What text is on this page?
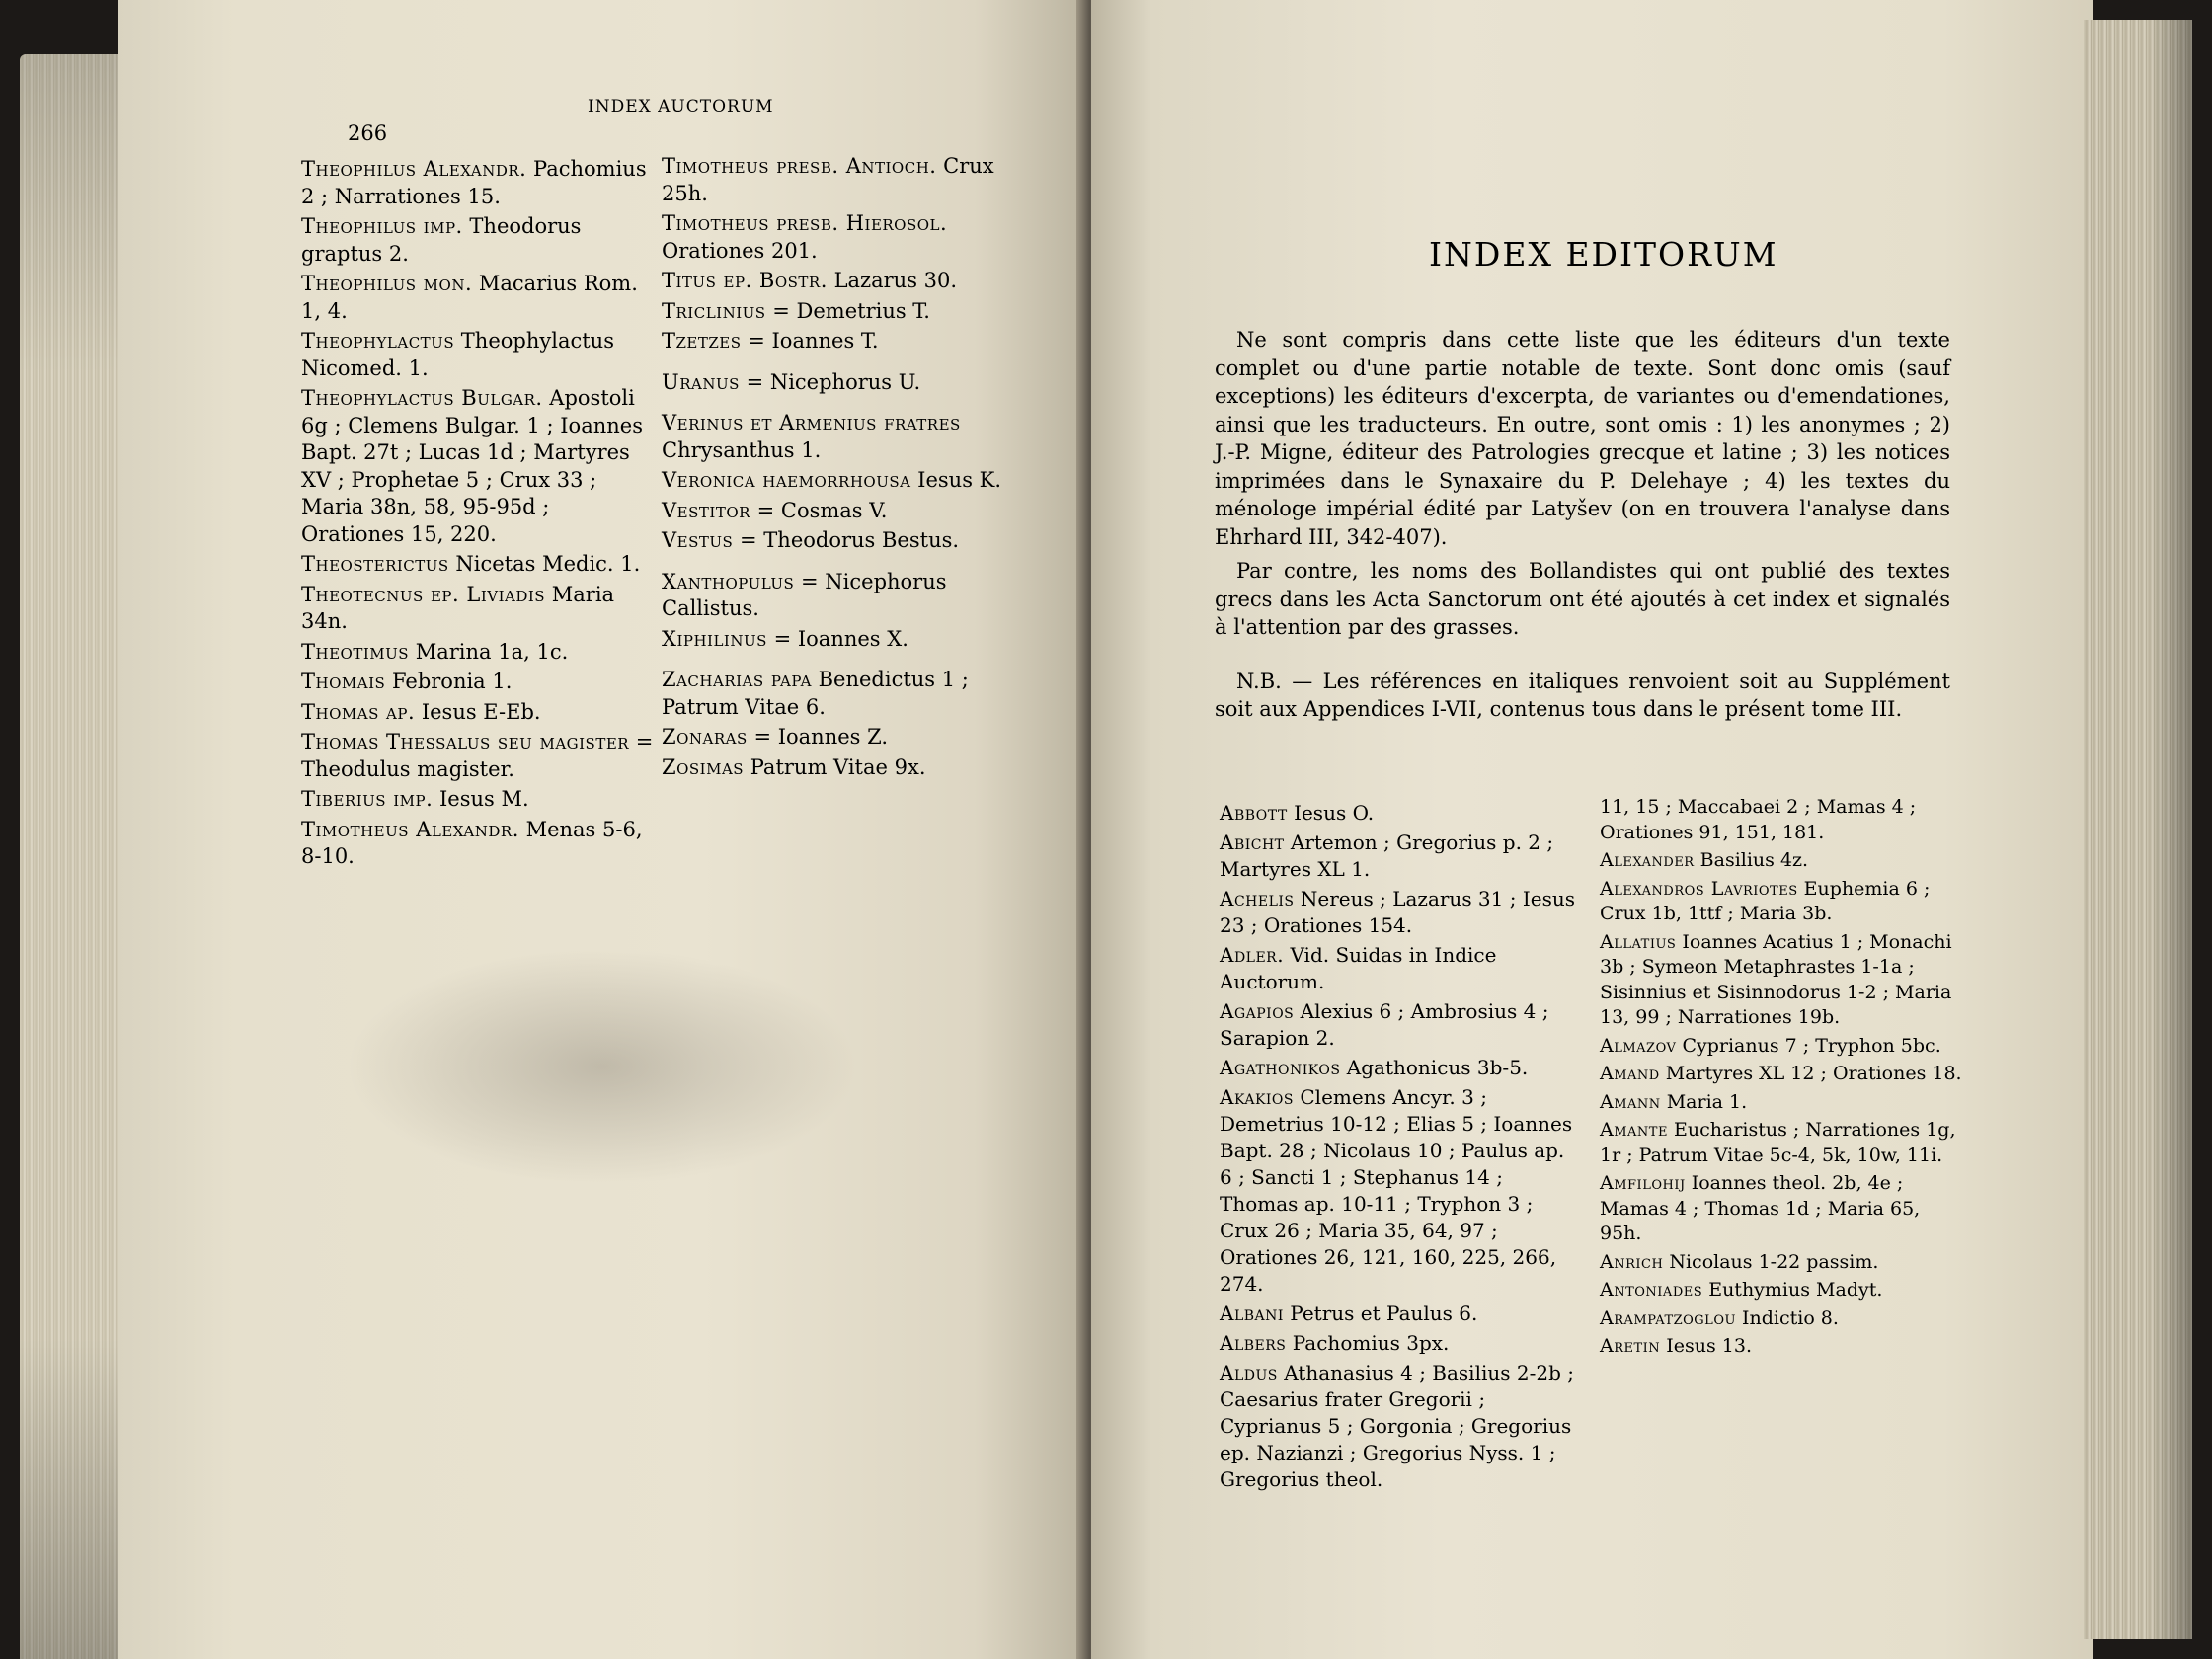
266
INDEX AUCTORUM
Theophilus Alexandr. Pachomius 2 ; Narrationes 15.
Theophilus imp. Theodorus graptus 2.
Theophilus mon. Macarius Rom. 1, 4.
Theophylactus Theophylactus Nicomed. 1.
Theophylactus Bulgar. Apostoli 6g ; Clemens Bulgar. 1 ; Ioannes Bapt. 27t ; Lucas 1d ; Martyres XV ; Prophetae 5 ; Crux 33 ; Maria 38n, 58, 95-95d ; Orationes 15, 220.
Theosterictus Nicetas Medic. 1.
Theotecnus ep. Liviadis Maria 34n.
Theotimus Marina 1a, 1c.
Thomais Febronia 1.
Thomas ap. Iesus E-Eb.
Thomas Thessalus seu magister = Theodulus magister.
Tiberius imp. Iesus M.
Timotheus Alexandr. Menas 5-6, 8-10.
Timotheus presb. Antioch. Crux 25h.
Timotheus presb. Hierosol. Orationes 201.
Titus ep. Bostr. Lazarus 30.
Triclinius = Demetrius T.
Tzetzes = Ioannes T.
Uranus = Nicephorus U.
Verinus et Armenius fratres Chrysanthus 1.
Veronica haemorrhousa Iesus K.
Vestitor = Cosmas V.
Vestus = Theodorus Bestus.
Xanthopulus = Nicephorus Callistus.
Xiphilinus = Ioannes X.
Zacharias papa Benedictus 1 ; Patrum Vitae 6.
Zonaras = Ioannes Z.
Zosimas Patrum Vitae 9x.
INDEX EDITORUM

Ne sont compris dans cette liste que les éditeurs d'un texte complet ou d'une partie notable de texte. Sont donc omis (sauf exceptions) les éditeurs d'excerpta, de variantes ou d'emendationes, ainsi que les traducteurs. En outre, sont omis : 1) les anonymes ; 2) J.-P. Migne, éditeur des Patrologies grecque et latine ; 3) les notices imprimées dans le Synaxaire du P. Delehaye ; 4) les textes du ménologe impérial édité par Latyšev (on en trouvera l'analyse dans Ehrhard III, 342-407).

Par contre, les noms des Bollandistes qui ont publié des textes grecs dans les Acta Sanctorum ont été ajoutés à cet index et signalés à l'attention par des grasses.

N.B. — Les références en italiques renvoient soit au Supplément soit aux Appendices I-VII, contenus tous dans le présent tome III.

Abbott Iesus O.
Abicht Artemon ; Gregorius p. 2 ; Martyres XL 1.
Achelis Nereus ; Lazarus 31 ; Iesus 23 ; Orationes 154.
Adler. Vid. Suidas in Indice Auctorum.
Agapios Alexius 6 ; Ambrosius 4 ; Sarapion 2.
Agathonikos Agathonicus 3b-5.
Akakios Clemens Ancyr. 3 ; Demetrius 10-12 ; Elias 5 ; Ioannes Bapt. 28 ; Nicolaus 10 ; Paulus ap. 6 ; Sancti 1 ; Stephanus 14 ; Thomas ap. 10-11 ; Tryphon 3 ; Crux 26 ; Maria 35, 64, 97 ; Orationes 26, 121, 160, 225, 266, 274.
Albani Petrus et Paulus 6.
Albers Pachomius 3px.
Aldus Athanasius 4 ; Basilius 2-2b ; Caesarius frater Gregorii ; Cyprianus 5 ; Gorgonia ; Gregorius ep. Nazianzi ; Gregorius Nyss. 1 ; Gregorius theol.
11, 15 ; Maccabaei 2 ; Mamas 4 ; Orationes 91, 151, 181.
Alexander Basilius 4z.
Alexandros Lavriotes Euphemia 6 ; Crux 1b, 1ttf ; Maria 3b.
Allatius Ioannes Acatius 1 ; Monachi 3b ; Symeon Metaphrastes 1-1a ; Sisinnius et Sisinnodorus 1-2 ; Maria 13, 99 ; Narrationes 19b.
Almazov Cyprianus 7 ; Tryphon 5bc.
Amand Martyres XL 12 ; Orationes 18.
Amann Maria 1.
Amante Eucharistus ; Narrationes 1g, 1r ; Patrum Vitae 5c-4, 5k, 10w, 11i.
Amfilohij Ioannes theol. 2b, 4e ; Mamas 4 ; Thomas 1d ; Maria 65, 95h.
Anrich Nicolaus 1-22 passim.
Antoniades Euthymius Madyt.
Arampatzoglou Indictio 8.
Aretin Iesus 13.
